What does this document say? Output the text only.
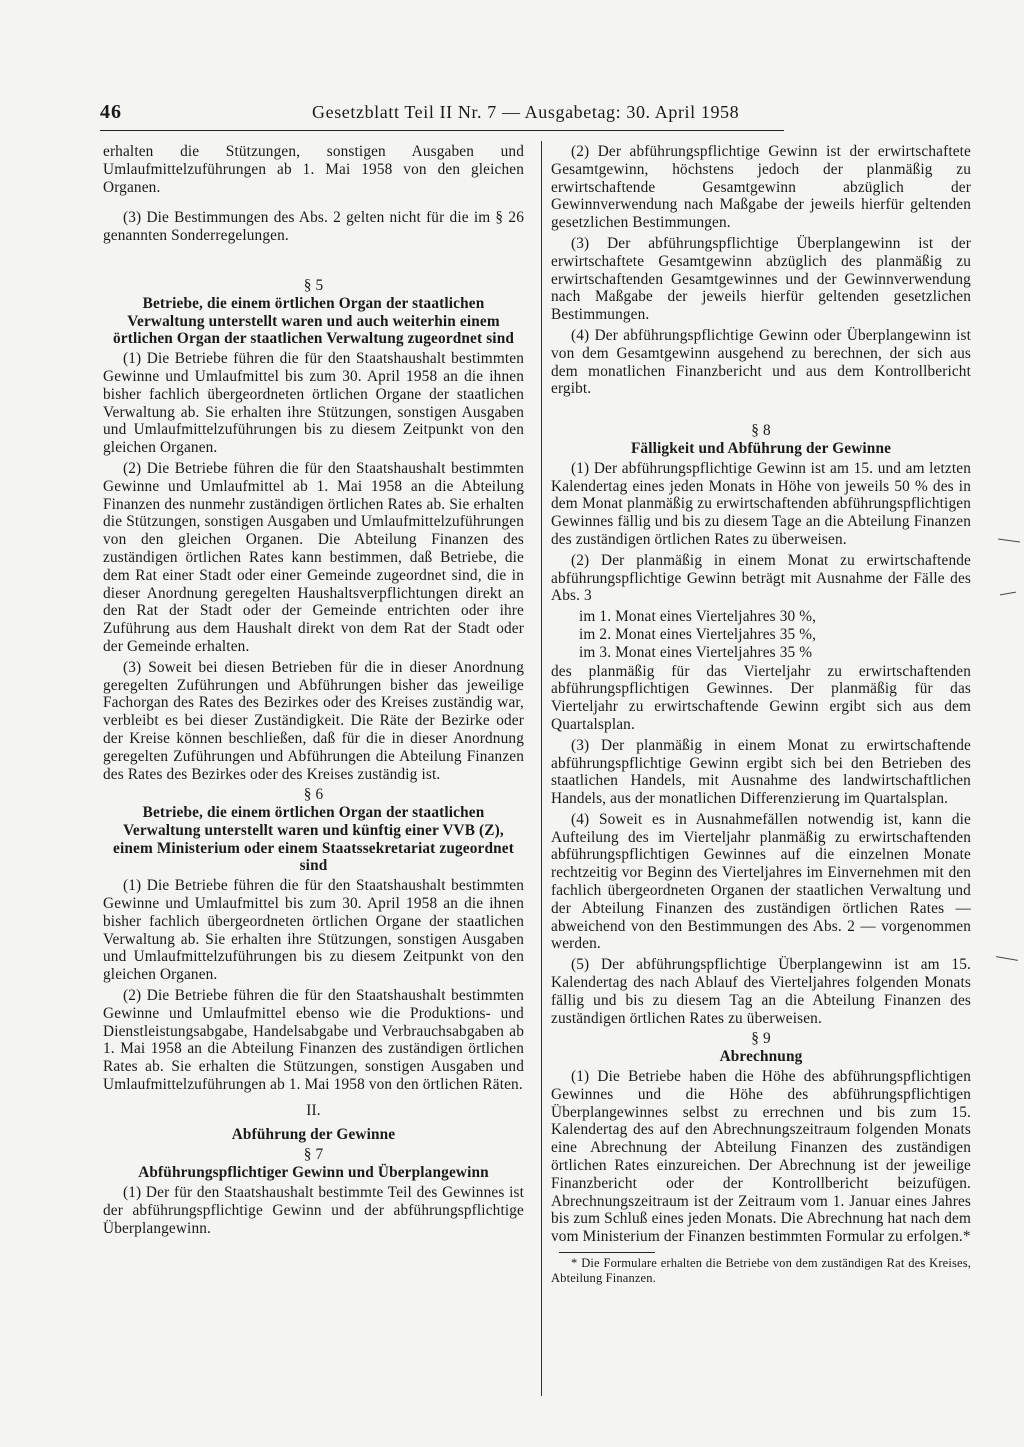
46	Gesetzblatt Teil II Nr. 7 — Ausgabetag: 30. April 1958

erhalten die Stützungen, sonstigen Ausgaben und Umlaufmittelzuführungen ab 1. Mai 1958 von den gleichen Organen.

(3) Die Bestimmungen des Abs. 2 gelten nicht für die im § 26 genannten Sonderregelungen.

§ 5
Betriebe, die einem örtlichen Organ der staatlichen Verwaltung unterstellt waren und auch weiterhin einem örtlichen Organ der staatlichen Verwaltung zugeordnet sind

(1) Die Betriebe führen die für den Staatshaushalt bestimmten Gewinne und Umlaufmittel bis zum 30. April 1958 an die ihnen bisher fachlich übergeordneten örtlichen Organe der staatlichen Verwaltung ab. Sie erhalten ihre Stützungen, sonstigen Ausgaben und Umlaufmittelzuführungen bis zu diesem Zeitpunkt von den gleichen Organen.

(2) Die Betriebe führen die für den Staatshaushalt bestimmten Gewinne und Umlaufmittel ab 1. Mai 1958 an die Abteilung Finanzen des nunmehr zuständigen örtlichen Rates ab. Sie erhalten die Stützungen, sonstigen Ausgaben und Umlaufmittelzuführungen von den gleichen Organen. Die Abteilung Finanzen des zuständigen örtlichen Rates kann bestimmen, daß Betriebe, die dem Rat einer Stadt oder einer Gemeinde zugeordnet sind, die in dieser Anordnung geregelten Haushaltsverpflichtungen direkt an den Rat der Stadt oder der Gemeinde entrichten oder ihre Zuführung aus dem Haushalt direkt von dem Rat der Stadt oder der Gemeinde erhalten.

(3) Soweit bei diesen Betrieben für die in dieser Anordnung geregelten Zuführungen und Abführungen bisher das jeweilige Fachorgan des Rates des Bezirkes oder des Kreises zuständig war, verbleibt es bei dieser Zuständigkeit. Die Räte der Bezirke oder der Kreise können beschließen, daß für die in dieser Anordnung geregelten Zuführungen und Abführungen die Abteilung Finanzen des Rates des Bezirkes oder des Kreises zuständig ist.

§ 6
Betriebe, die einem örtlichen Organ der staatlichen Verwaltung unterstellt waren und künftig einer VVB (Z), einem Ministerium oder einem Staatssekretariat zugeordnet sind

(1) Die Betriebe führen die für den Staatshaushalt bestimmten Gewinne und Umlaufmittel bis zum 30. April 1958 an die ihnen bisher fachlich übergeordneten örtlichen Organe der staatlichen Verwaltung ab. Sie erhalten ihre Stützungen, sonstigen Ausgaben und Umlaufmittelzuführungen bis zu diesem Zeitpunkt von den gleichen Organen.

(2) Die Betriebe führen die für den Staatshaushalt bestimmten Gewinne und Umlaufmittel ebenso wie die Produktions- und Dienstleistungsabgabe, Handelsabgabe und Verbrauchsabgaben ab 1. Mai 1958 an die Abteilung Finanzen des zuständigen örtlichen Rates ab. Sie erhalten die Stützungen, sonstigen Ausgaben und Umlaufmittelzuführungen ab 1. Mai 1958 von den örtlichen Räten.

II.
Abführung der Gewinne
§ 7
Abführungspflichtiger Gewinn und Überplangewinn

(1) Der für den Staatshaushalt bestimmte Teil des Gewinnes ist der abführungspflichtige Gewinn und der abführungspflichtige Überplangewinn.

(2) Der abführungspflichtige Gewinn ist der erwirtschaftete Gesamtgewinn, höchstens jedoch der planmäßig zu erwirtschaftende Gesamtgewinn abzüglich der Gewinnverwendung nach Maßgabe der jeweils hierfür geltenden gesetzlichen Bestimmungen.

(3) Der abführungspflichtige Überplangewinn ist der erwirtschaftete Gesamtgewinn abzüglich des planmäßig zu erwirtschaftenden Gesamtgewinnes und der Gewinnverwendung nach Maßgabe der jeweils hierfür geltenden gesetzlichen Bestimmungen.

(4) Der abführungspflichtige Gewinn oder Überplangewinn ist von dem Gesamtgewinn ausgehend zu berechnen, der sich aus dem monatlichen Finanzbericht und aus dem Kontrollbericht ergibt.

§ 8
Fälligkeit und Abführung der Gewinne

(1) Der abführungspflichtige Gewinn ist am 15. und am letzten Kalendertag eines jeden Monats in Höhe von jeweils 50 % des in dem Monat planmäßig zu erwirtschaftenden abführungspflichtigen Gewinnes fällig und bis zu diesem Tage an die Abteilung Finanzen des zuständigen örtlichen Rates zu überweisen.

(2) Der planmäßig in einem Monat zu erwirtschaftende abführungspflichtige Gewinn beträgt mit Ausnahme der Fälle des Abs. 3

im 1. Monat eines Vierteljahres 30 %,
im 2. Monat eines Vierteljahres 35 %,
im 3. Monat eines Vierteljahres 35 %

des planmäßig für das Vierteljahr zu erwirtschaftenden abführungspflichtigen Gewinnes. Der planmäßig für das Vierteljahr zu erwirtschaftende Gewinn ergibt sich aus dem Quartalsplan.

(3) Der planmäßig in einem Monat zu erwirtschaftende abführungspflichtige Gewinn ergibt sich bei den Betrieben des staatlichen Handels, mit Ausnahme des landwirtschaftlichen Handels, aus der monatlichen Differenzierung im Quartalsplan.

(4) Soweit es in Ausnahmefällen notwendig ist, kann die Aufteilung des im Vierteljahr planmäßig zu erwirtschaftenden abführungspflichtigen Gewinnes auf die einzelnen Monate rechtzeitig vor Beginn des Vierteljahres im Einvernehmen mit den fachlich übergeordneten Organen der staatlichen Verwaltung und der Abteilung Finanzen des zuständigen örtlichen Rates — abweichend von den Bestimmungen des Abs. 2 — vorgenommen werden.

(5) Der abführungspflichtige Überplangewinn ist am 15. Kalendertag des nach Ablauf des Vierteljahres folgenden Monats fällig und bis zu diesem Tag an die Abteilung Finanzen des zuständigen örtlichen Rates zu überweisen.

§ 9
Abrechnung

(1) Die Betriebe haben die Höhe des abführungspflichtigen Gewinnes und die Höhe des abführungspflichtigen Überplangewinnes selbst zu errechnen und bis zum 15. Kalendertag des auf den Abrechnungszeitraum folgenden Monats eine Abrechnung der Abteilung Finanzen des zuständigen örtlichen Rates einzureichen. Der Abrechnung ist der jeweilige Finanzbericht oder der Kontrollbericht beizufügen. Abrechnungszeitraum ist der Zeitraum vom 1. Januar eines Jahres bis zum Schluß eines jeden Monats. Die Abrechnung hat nach dem vom Ministerium der Finanzen bestimmten Formular zu erfolgen.*

* Die Formulare erhalten die Betriebe von dem zuständigen Rat des Kreises, Abteilung Finanzen.
